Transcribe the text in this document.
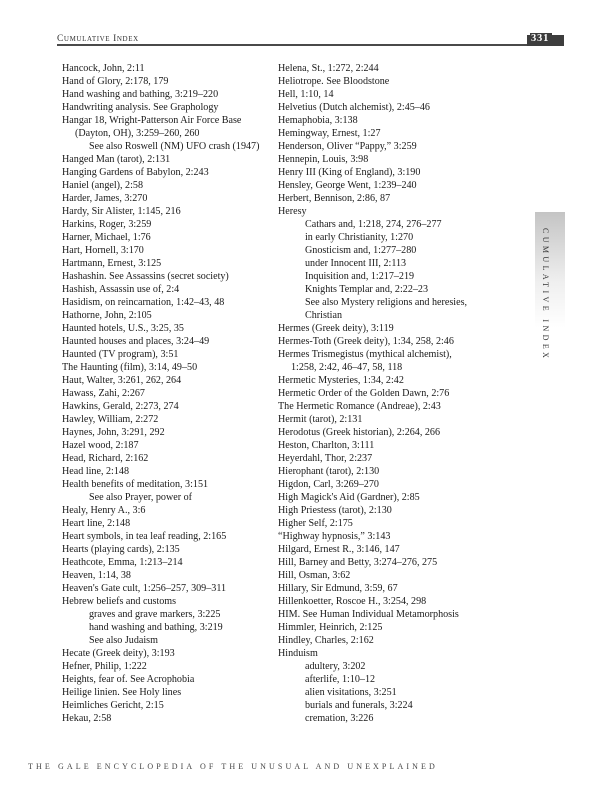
Cumulative Index	331
CUMULATIVE INDEX
Hancock, John, 2:11
Hand of Glory, 2:178, 179
Hand washing and bathing, 3:219–220
Handwriting analysis. See Graphology
Hangar 18, Wright-Patterson Air Force Base
(Dayton, OH), 3:259–260, 260
See also Roswell (NM) UFO crash (1947)
Hanged Man (tarot), 2:131
Hanging Gardens of Babylon, 2:243
Haniel (angel), 2:58
Harder, James, 3:270
Hardy, Sir Alister, 1:145, 216
Harkins, Roger, 3:259
Harner, Michael, 1:76
Hart, Hornell, 3:170
Hartmann, Ernest, 3:125
Hashashin. See Assassins (secret society)
Hashish, Assassin use of, 2:4
Hasidism, on reincarnation, 1:42–43, 48
Hathorne, John, 2:105
Haunted hotels, U.S., 3:25, 35
Haunted houses and places, 3:24–49
Haunted (TV program), 3:51
The Haunting (film), 3:14, 49–50
Haut, Walter, 3:261, 262, 264
Hawass, Zahi, 2:267
Hawkins, Gerald, 2:273, 274
Hawley, William, 2:272
Haynes, John, 3:291, 292
Hazel wood, 2:187
Head, Richard, 2:162
Head line, 2:148
Health benefits of meditation, 3:151
See also Prayer, power of
Healy, Henry A., 3:6
Heart line, 2:148
Heart symbols, in tea leaf reading, 2:165
Hearts (playing cards), 2:135
Heathcote, Emma, 1:213–214
Heaven, 1:14, 38
Heaven's Gate cult, 1:256–257, 309–311
Hebrew beliefs and customs
graves and grave markers, 3:225
hand washing and bathing, 3:219
See also Judaism
Hecate (Greek deity), 3:193
Hefner, Philip, 1:222
Heights, fear of. See Acrophobia
Heilige linien. See Holy lines
Heimliches Gericht, 2:15
Hekau, 2:58
Helena, St., 1:272, 2:244
Heliotrope. See Bloodstone
Hell, 1:10, 14
Helvetius (Dutch alchemist), 2:45–46
Hemaphobia, 3:138
Hemingway, Ernest, 1:27
Henderson, Oliver “Pappy,” 3:259
Hennepin, Louis, 3:98
Henry III (King of England), 3:190
Hensley, George Went, 1:239–240
Herbert, Bennison, 2:86, 87
Heresy
Cathars and, 1:218, 274, 276–277
in early Christianity, 1:270
Gnosticism and, 1:277–280
under Innocent III, 2:113
Inquisition and, 1:217–219
Knights Templar and, 2:22–23
See also Mystery religions and heresies,
Christian
Hermes (Greek deity), 3:119
Hermes-Toth (Greek deity), 1:34, 258, 2:46
Hermes Trismegistus (mythical alchemist),
1:258, 2:42, 46–47, 58, 118
Hermetic Mysteries, 1:34, 2:42
Hermetic Order of the Golden Dawn, 2:76
The Hermetic Romance (Andreae), 2:43
Hermit (tarot), 2:131
Herodotus (Greek historian), 2:264, 266
Heston, Charlton, 3:111
Heyerdahl, Thor, 2:237
Hierophant (tarot), 2:130
Higdon, Carl, 3:269–270
High Magick's Aid (Gardner), 2:85
High Priestess (tarot), 2:130
Higher Self, 2:175
“Highway hypnosis,” 3:143
Hilgard, Ernest R., 3:146, 147
Hill, Barney and Betty, 3:274–276, 275
Hill, Osman, 3:62
Hillary, Sir Edmund, 3:59, 67
Hillenkoetter, Roscoe H., 3:254, 298
HIM. See Human Individual Metamorphosis
Himmler, Heinrich, 2:125
Hindley, Charles, 2:162
Hinduism
adultery, 3:202
afterlife, 1:10–12
alien visitations, 3:251
burials and funerals, 3:224
cremation, 3:226
THE GALE ENCYCLOPEDIA OF THE UNUSUAL AND UNEXPLAINED
